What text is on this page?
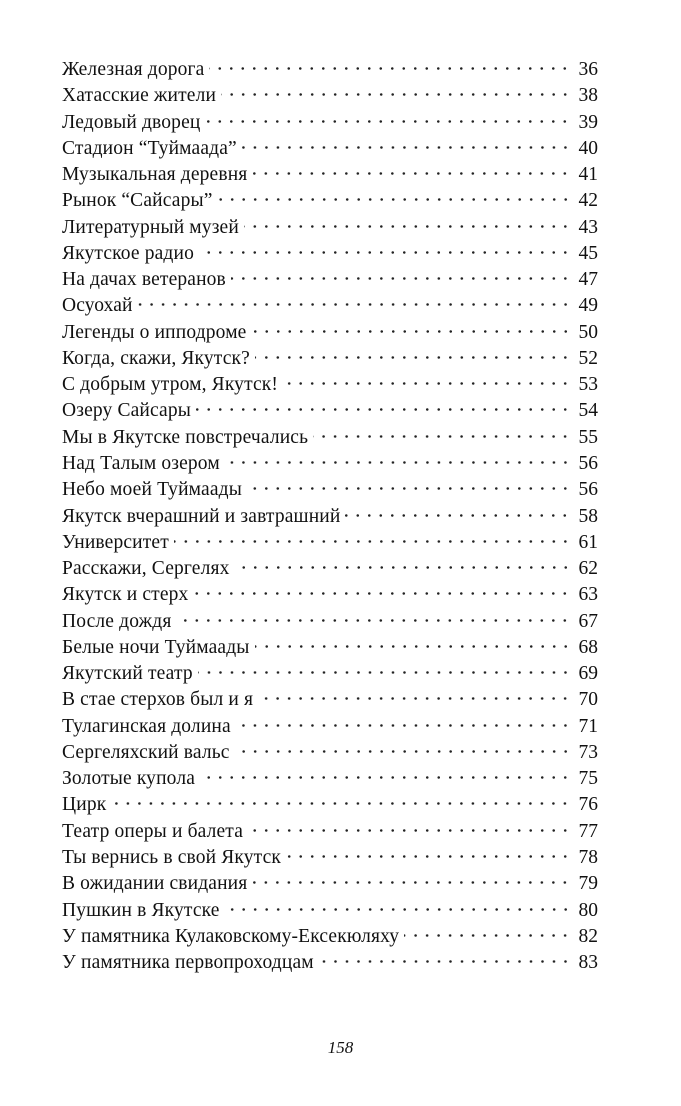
Железная дорога	36
Хатасские жители	38
Ледовый дворец	39
Стадион “Туймаада”	40
Музыкальная деревня	41
Рынок “Сайсары”	42
Литературный музей	43
Якутское радио	45
На дачах ветеранов	47
Осуохай	49
Легенды о ипподроме	50
Когда, скажи, Якутск?	52
С добрым утром, Якутск!	53
Озеру Сайсары	54
Мы в Якутске повстречались	55
Над Талым озером	56
Небо моей Туймаады	56
Якутск вчерашний и завтрашний	58
Университет	61
Расскажи, Сергелях	62
Якутск и стерх	63
После дождя	67
Белые ночи Туймаады	68
Якутский театр	69
В стае стерхов был и я	70
Тулагинская долина	71
Сергеляхский вальс	73
Золотые купола	75
Цирк	76
Театр оперы и балета	77
Ты вернись в свой Якутск	78
В ожидании свидания	79
Пушкин в Якутске	80
У памятника Кулаковскому-Ексекюляху	82
У памятника первопроходцам	83
158
